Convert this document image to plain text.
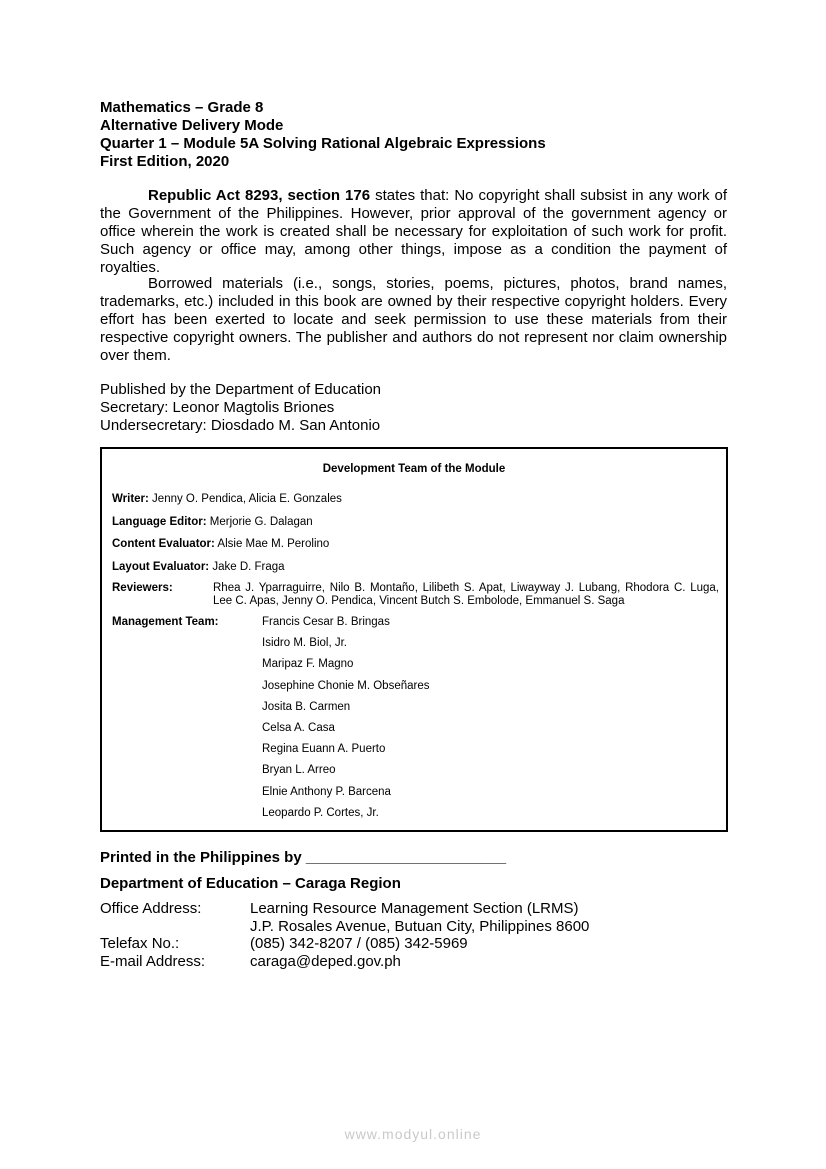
Mathematics – Grade 8
Alternative Delivery Mode
Quarter 1 – Module 5A Solving Rational Algebraic Expressions
First Edition, 2020

Republic Act 8293, section 176 states that: No copyright shall subsist in any work of the Government of the Philippines. However, prior approval of the government agency or office wherein the work is created shall be necessary for exploitation of such work for profit. Such agency or office may, among other things, impose as a condition the payment of royalties.

Borrowed materials (i.e., songs, stories, poems, pictures, photos, brand names, trademarks, etc.) included in this book are owned by their respective copyright holders. Every effort has been exerted to locate and seek permission to use these materials from their respective copyright owners. The publisher and authors do not represent nor claim ownership over them.

Published by the Department of Education
Secretary: Leonor Magtolis Briones
Undersecretary: Diosdado M. San Antonio
Development Team of the Module
Writer: Jenny O. Pendica, Alicia E. Gonzales
Language Editor: Merjorie G. Dalagan
Content Evaluator: Alsie Mae M. Perolino
Layout Evaluator: Jake D. Fraga
Reviewers:	Rhea J. Yparraguirre, Nilo B. Montaño, Lilibeth S. Apat, Liwayway J. Lubang, Rhodora C. Luga, Lee C. Apas, Jenny O. Pendica, Vincent Butch S. Embolode, Emmanuel S. Saga
Management Team:	Francis Cesar B. Bringas
Isidro M. Biol, Jr.
Maripaz F. Magno
Josephine Chonie M. Obseñares
Josita B. Carmen
Celsa A. Casa
Regina Euann A. Puerto
Bryan L. Arreo
Elnie Anthony P. Barcena
Leopardo P. Cortes, Jr.
Printed in the Philippines by ________________________
Department of Education – Caraga Region
Office Address:	Learning Resource Management Section (LRMS)
J.P. Rosales Avenue, Butuan City, Philippines 8600
Telefax No.:	(085) 342-8207 / (085) 342-5969
E-mail Address:	caraga@deped.gov.ph
www.modyul.online
